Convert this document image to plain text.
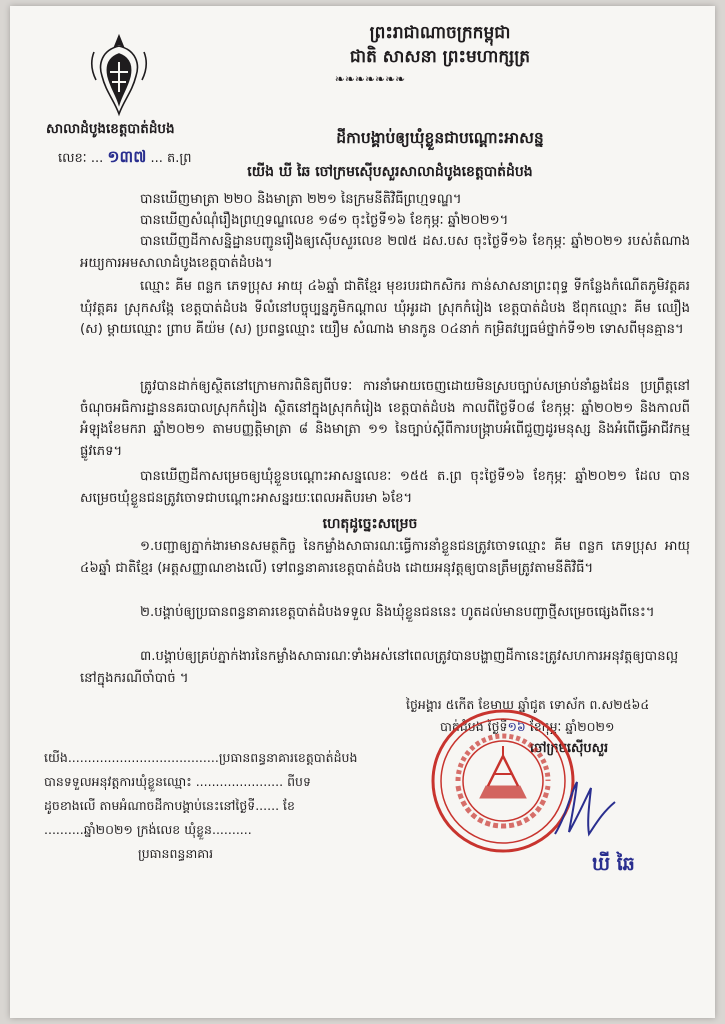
ព្រះរាជាណាចក្រកម្ពុជា
ជាតិ សាសនា ព្រះមហាក្សត្រ
❧❧❧❧❧❧❧
សាលាដំបូងខេត្តបាត់ដំបង
លេខៈ ... ១៣៧ ... ត.ព្រ
ដីកាបង្គាប់ឲ្យឃុំខ្លួនជាបណ្តោះអាសន្ន
យើង ឃី ឆៃ ចៅក្រមស៊ើបសួរសាលាដំបូងខេត្តបាត់ដំបង
បានឃើញមាត្រា ២២០ និងមាត្រា ២២១ នៃក្រមនីតិវិធីព្រហ្មទណ្ឌ។
បានឃើញសំណុំរឿងព្រហ្មទណ្ឌលេខ ១៨១ ចុះថ្ងៃទី១៦ ខែកុម្ភៈ ឆ្នាំ២០២១។
បានឃើញដីកាសន្និដ្ឋានបញ្ជូនរឿងឲ្យស៊ើបសួរលេខ ២៧៥ ដស.បស ចុះថ្ងៃទី១៦ ខែកុម្ភៈ ឆ្នាំ២០២១ របស់តំណាងអយ្យការអមសាលាដំបូងខេត្តបាត់ដំបង។
ឈ្មោះ គីម ពន្លក ភេទប្រុស អាយុ ៤៦ឆ្នាំ ជាតិខ្មែរ មុខរបរជាកសិករ កាន់សាសនាព្រះពុទ្ធ ទីកន្លែងកំណើតភូមិវត្តគរ ឃុំវត្តគរ ស្រុកសង្កែ ខេត្តបាត់ដំបង ទីលំនៅបច្ចុប្បន្នភូមិកណ្តាល ឃុំអូរដា ស្រុកកំរៀង ខេត្តបាត់ដំបង ឪពុកឈ្មោះ គីម ឈឿង (ស) ម្តាយឈ្មោះ ព្រាប គីយ៉ម (ស) ប្រពន្ធឈ្មោះ យឿម សំណាង មានកូន ០៤នាក់ កម្រិតវប្បធម៌ថ្នាក់ទី១២ ទោសពីមុនគ្មាន។
ត្រូវបានដាក់ឲ្យស្ថិតនៅក្រោមការពិនិត្យពីបទៈ ការនាំអោយចេញដោយមិនស្របច្បាប់សម្រាប់នាំឆ្លងដែន ប្រព្រឹត្តនៅចំណុចអធិការដ្ឋាននគរបាលស្រុកកំរៀង ស្ថិតនៅក្នុងស្រុកកំរៀង ខេត្តបាត់ដំបង កាលពីថ្ងៃទី០៨ ខែកុម្ភៈ ឆ្នាំ២០២១ និងកាលពីអំឡុងខែមករា ឆ្នាំ២០២១ តាមបញ្ញត្តិមាត្រា ៨ និងមាត្រា ១១ នៃច្បាប់ស្តីពីការបង្ក្រាបអំពើជួញដូរមនុស្ស និងអំពើធ្វើអាជីវកម្មផ្លូវភេទ។
បានឃើញដីកាសម្រេចឲ្យឃុំខ្លួនបណ្តោះអាសន្នលេខៈ ១៥៥ ត.ព្រ ចុះថ្ងៃទី១៦ ខែកុម្ភៈ ឆ្នាំ២០២១ ដែល បានសម្រេចឃុំខ្លួនជនត្រូវចោទជាបណ្តោះអាសន្នរយៈពេលអតិបរមា ៦ខែ។
ហេតុដូច្នេះសម្រេច
១.បញ្ជាឲ្យភ្នាក់ងារមានសមត្ថកិច្ច នៃកម្លាំងសាធារណៈធ្វើការនាំខ្លួនជនត្រូវចោទឈ្មោះ គីម ពន្លក ភេទប្រុស អាយុ ៤៦ឆ្នាំ ជាតិខ្មែរ (អត្តសញ្ញាណខាងលើ) ទៅពន្ធនាគារខេត្តបាត់ដំបង ដោយអនុវត្តឲ្យបានត្រឹមត្រូវតាមនីតិវិធី។
២.បង្គាប់ឲ្យប្រធានពន្ធនាគារខេត្តបាត់ដំបងទទួល និងឃុំខ្លួនជននេះ ហូតដល់មានបញ្ជាថ្មីសម្រេចផ្សេងពីនេះ។
៣.បង្គាប់ឲ្យគ្រប់ភ្នាក់ងារនៃកម្លាំងសាធារណៈទាំងអស់នៅពេលត្រូវបានបង្ហាញដីកានេះត្រូវសហការអនុវត្តឲ្យបានល្អនៅក្នុងករណីចាំបាច់ ។
ថ្ងៃអង្គារ ៥កើត ខែមាឃ ឆ្នាំជូត ទោស័ក ព.ស២៥៦៤
បាត់ដំបង ថ្ងៃទី១៦ ខែកុម្ភៈ ឆ្នាំ២០២១
ចៅក្រមស៊ើបសួរ
ឃី ឆៃ
យើង......................................ប្រធានពន្ធនាគារខេត្តបាត់ដំបង
បានទទួលអនុវត្តការឃុំខ្លួនឈ្មោះ ...................... ពីបទ
ដូចខាងលើ តាមអំណាចដីកាបង្គាប់នេះនៅថ្ងៃទី...... ខែ
..........ឆ្នាំ២០២១ ក្រង់លេខ ឃុំខ្លួន..........
ប្រធានពន្ធនាគារ
